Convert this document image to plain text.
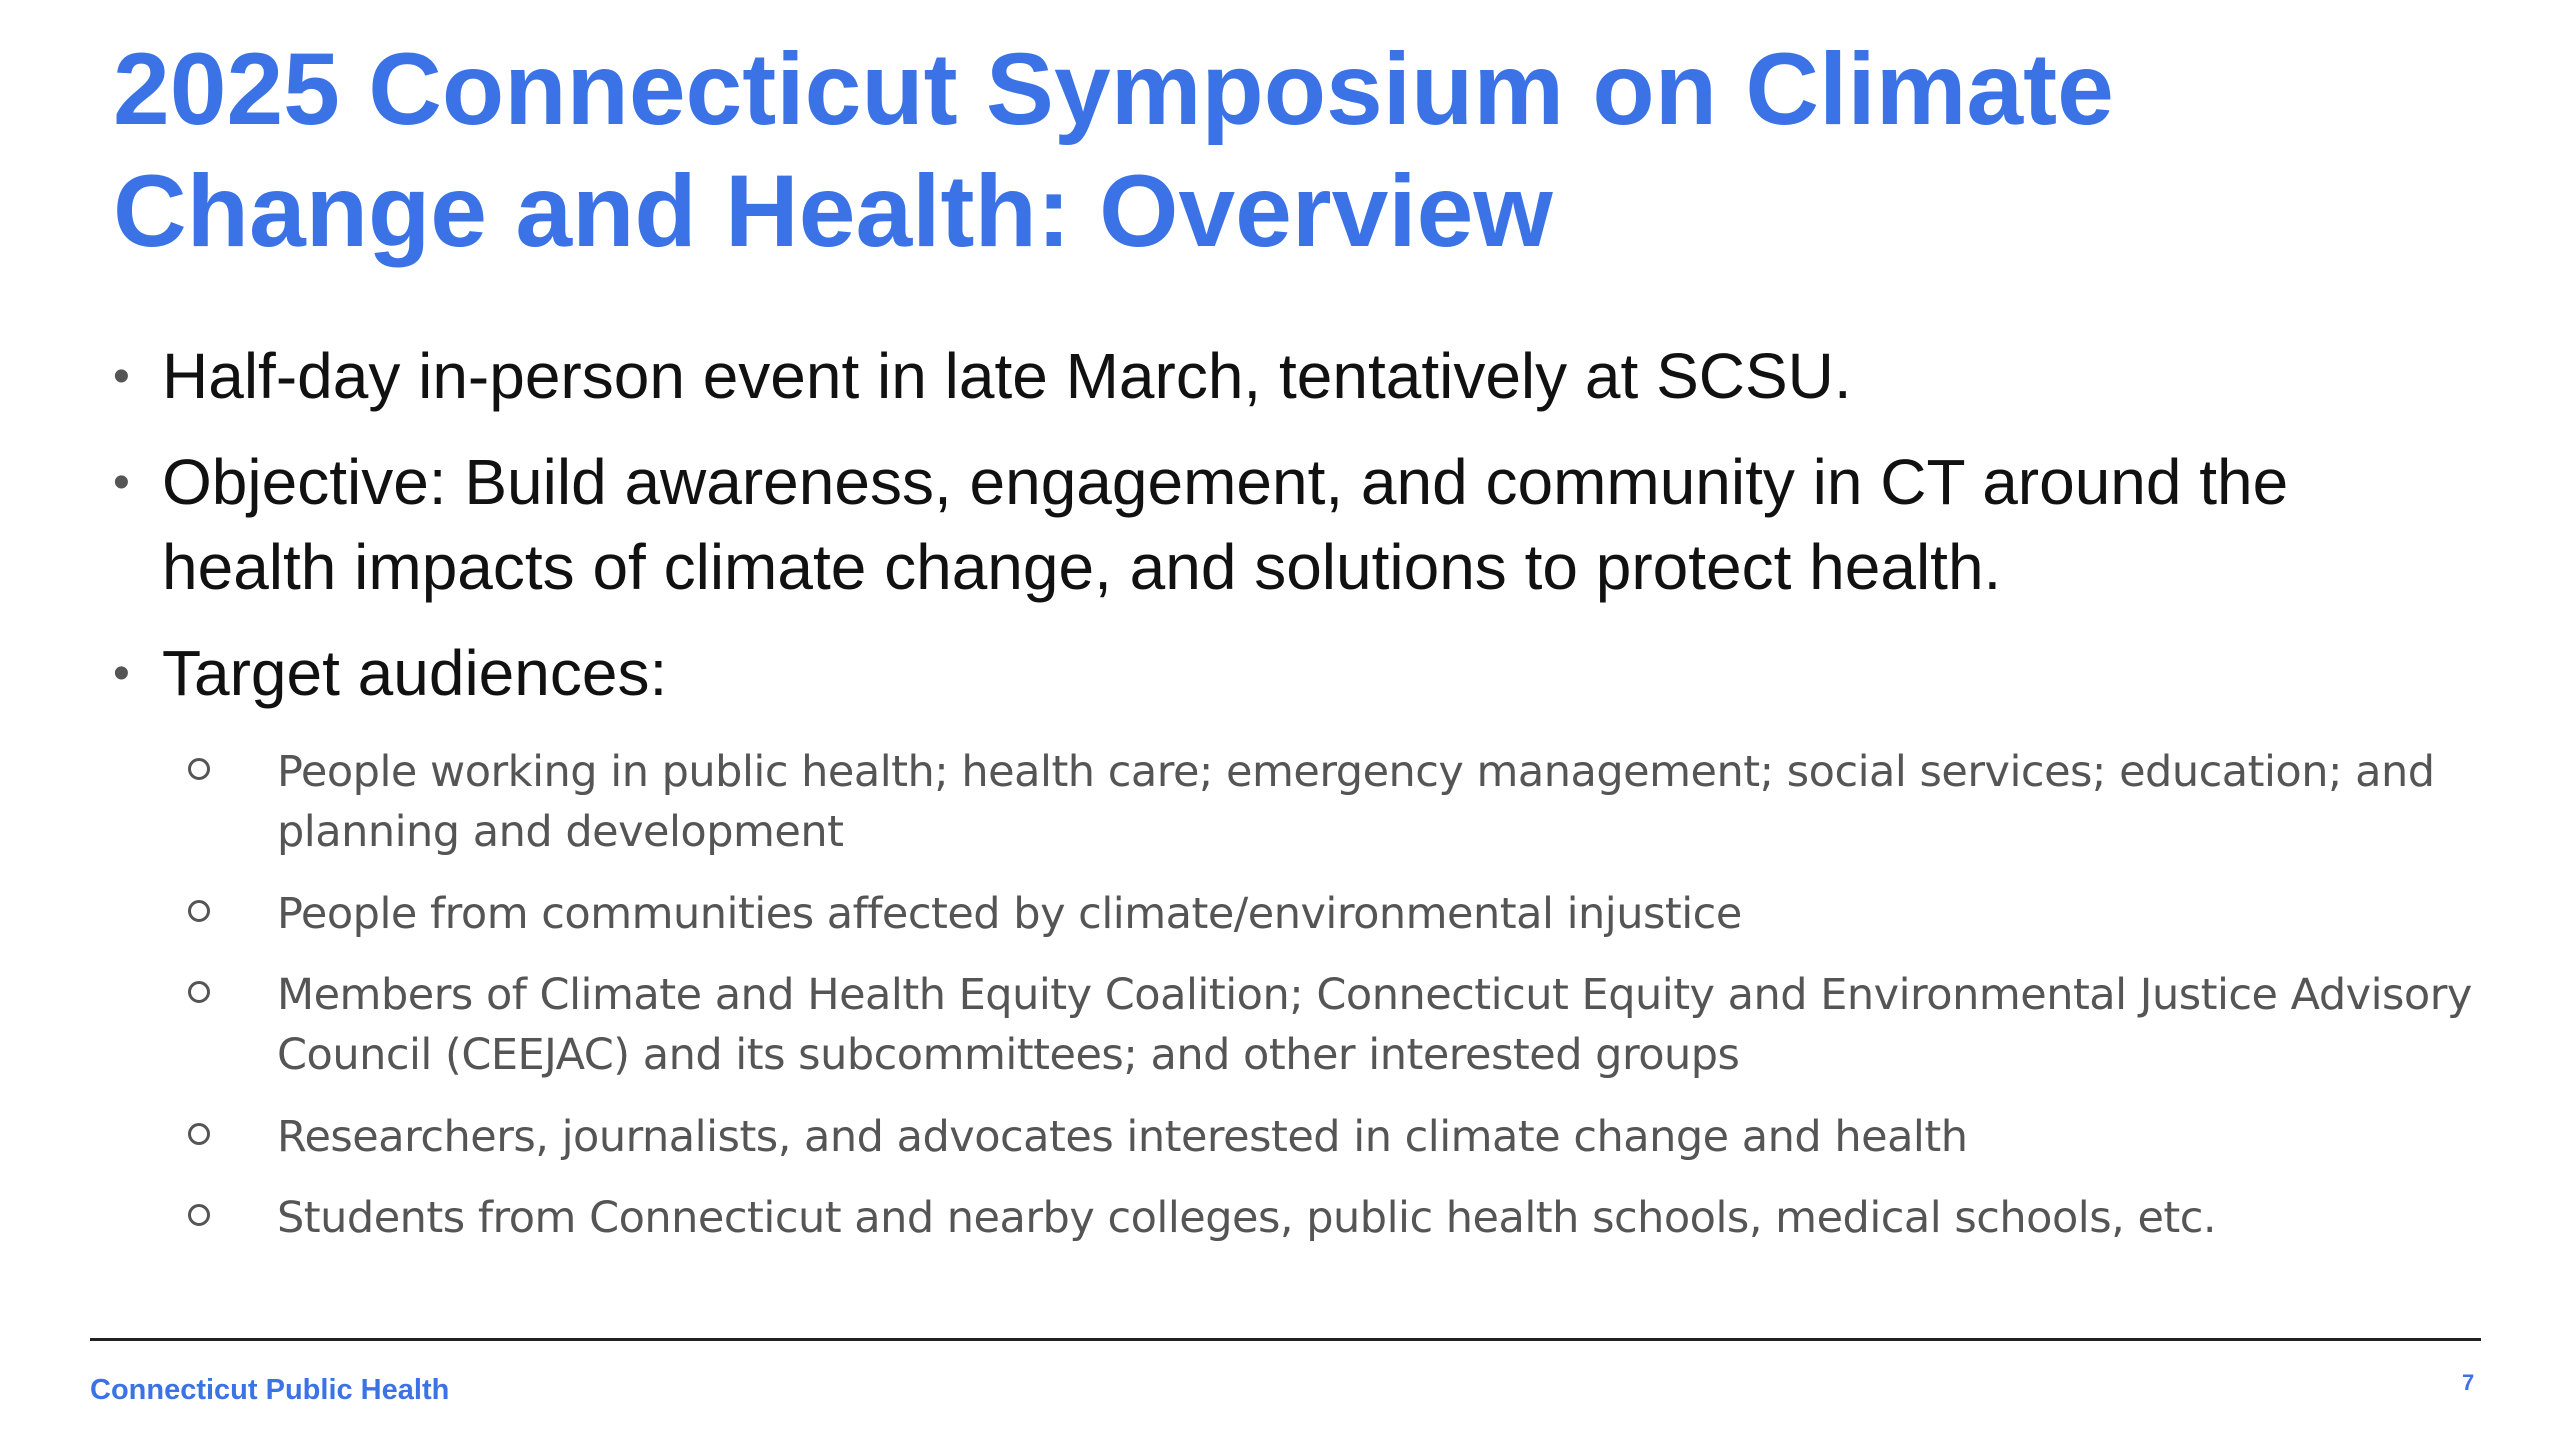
2025 Connecticut Symposium on Climate
Change and Health: Overview
• Half-day in-person event in late March, tentatively at SCSU.
• Objective: Build awareness, engagement, and community in CT around the
health impacts of climate change, and solutions to protect health.
• Target audiences:
People working in public health; health care; emergency management; social services; education; and
planning and development
People from communities affected by climate/environmental injustice
Members of Climate and Health Equity Coalition; Connecticut Equity and Environmental Justice Advisory
Council (CEEJAC) and its subcommittees; and other interested groups
Researchers, journalists, and advocates interested in climate change and health
Students from Connecticut and nearby colleges, public health schools, medical schools, etc.
Connecticut Public Health	7
